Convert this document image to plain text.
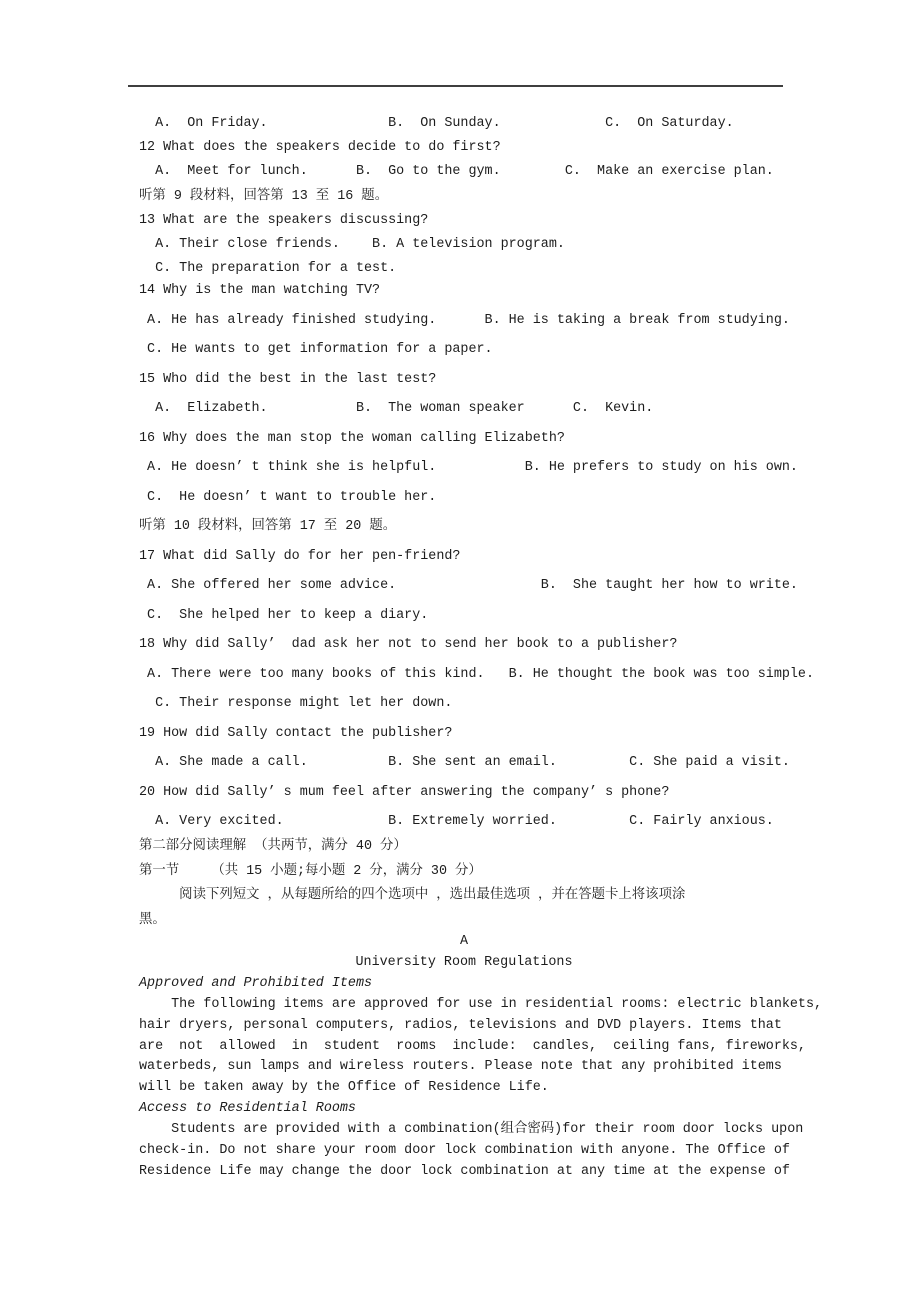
A.  On Friday.               B.  On Sunday.             C.  On Saturday.
12 What does the speakers decide to do first?
A.  Meet for lunch.      B.  Go to the gym.        C.  Make an exercise plan.
听第 9 段材料，回答第 13 至 16 题。
13 What are the speakers discussing?
A. Their close friends.    B. A television program.
C. The preparation for a test.
14 Why is the man watching TV?
A. He has already finished studying.      B. He is taking a break from studying.
C. He wants to get information for a paper.
15 Who did the best in the last test?
A.  Elizabeth.           B.  The woman speaker      C.  Kevin.
16 Why does the man stop the woman calling Elizabeth?
A. He doesn’ t think she is helpful.           B. He prefers to study on his own.
C.  He doesn’ t want to trouble her.
听第 10 段材料，回答第 17 至 20 题。
17 What did Sally do for her pen-friend?
A. She offered her some advice.                  B.  She taught her how to write.
C.  She helped her to keep a diary.
18 Why did Sally’  dad ask her not to send her book to a publisher?
A. There were too many books of this kind.   B. He thought the book was too simple.
C. Their response might let her down.
19 How did Sally contact the publisher?
A. She made a call.          B. She sent an email.         C. She paid a visit.
20 How did Sally’ s mum feel after answering the company’ s phone?
A. Very excited.             B. Extremely worried.         C. Fairly anxious.
第二部分阅读理解 （共两节，满分 40 分）
第一节    （共 15 小题;每小题 2 分，满分 30 分）
阅读下列短文 ，从每题所给的四个选项中 ，选出最佳选项 ，并在答题卡上将该项涂
黑。
A
University Room Regulations
Approved and Prohibited Items
The following items are approved for use in residential rooms: electric blankets,
hair dryers, personal computers, radios, televisions and DVD players. Items that
are  not  allowed  in  student  rooms  include:  candles,  ceiling fans, fireworks,
waterbeds, sun lamps and wireless routers. Please note that any prohibited items
will be taken away by the Office of Residence Life.
Access to Residential Rooms
Students are provided with a combination(组合密码)for their room door locks upon
check-in. Do not share your room door lock combination with anyone. The Office of
Residence Life may change the door lock combination at any time at the expense of
